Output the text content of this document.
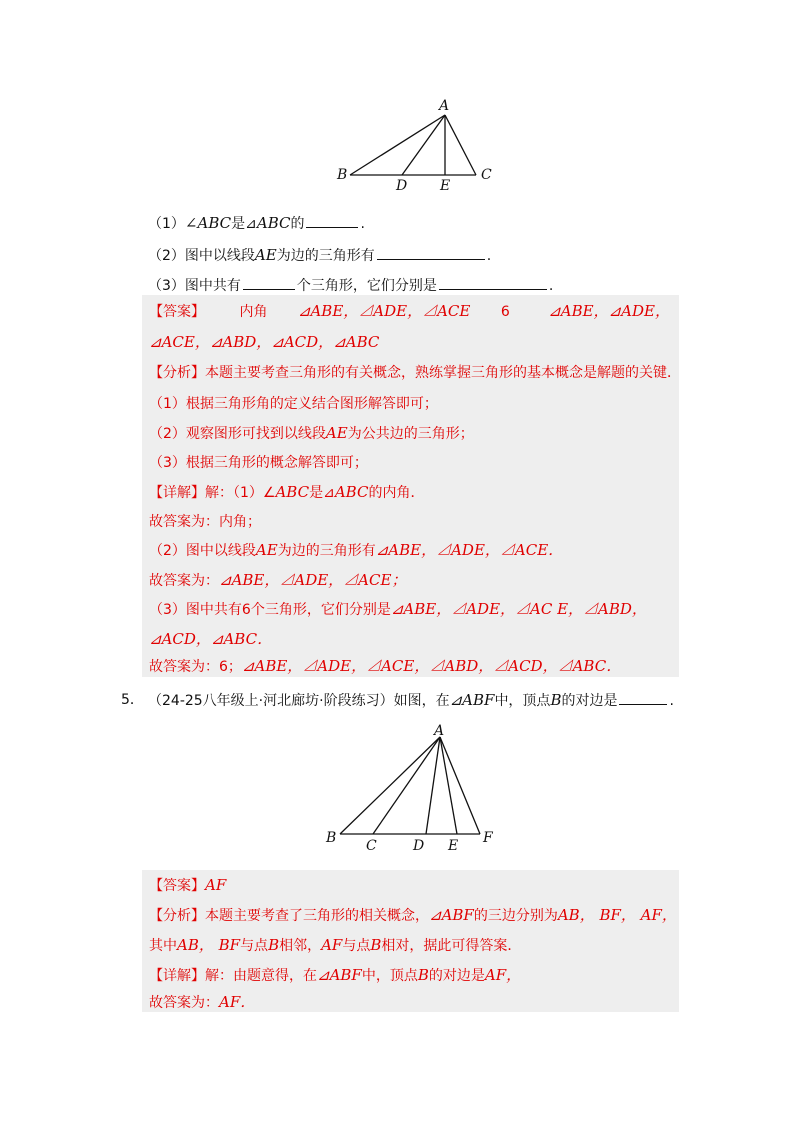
A
B
D E
C
（1）∠ABC是⊿ABC的	.
（2）图中以线段AE为边的三角形有	.
（3）图中共有	个三角形，它们分别是	.
【答案】 内角 ⊿ABE，⊿ADE，⊿ACE 6	⊿ABE，⊿ADE，
⊿ACE，⊿ABD，⊿ACD，⊿ABC
【分析】本题主要考查三角形的有关概念，熟练掌握三角形的基本概念是解题的关键．
（1）根据三角形角的定义结合图形解答即可；
（2）观察图形可找到以线段AE为公共边的三角形；
（3）根据三角形的概念解答即可；
【详解】解：（1）∠ABC是⊿ABC的内角．
故答案为：内角；
（2）图中以线段AE为边的三角形有⊿ABE，⊿ADE，⊿ACE．
故答案为：⊿ABE，⊿ADE，⊿ACE；
（3）图中共有6个三角形，它们分别是⊿ABE，⊿ADE，⊿AC E，⊿ABD，
⊿ACD，⊿ABC．
故答案为：6；⊿ABE，⊿ADE，⊿ACE，⊿ABD，⊿ACD，⊿ABC．
5． （24-25八年级上·河北廊坊·阶段练习）如图，在⊿ABF中，顶点B的对边是	.
A
B C	D E F
【答案】AF
【分析】本题主要考查了三角形的相关概念，⊿ABF的三边分别为AB， BF， AF，
其中AB， BF与点B相邻，AF与点B相对，据此可得答案．
【详解】解：由题意得，在⊿ABF中，顶点B的对边是AF，
故答案为：AF．
